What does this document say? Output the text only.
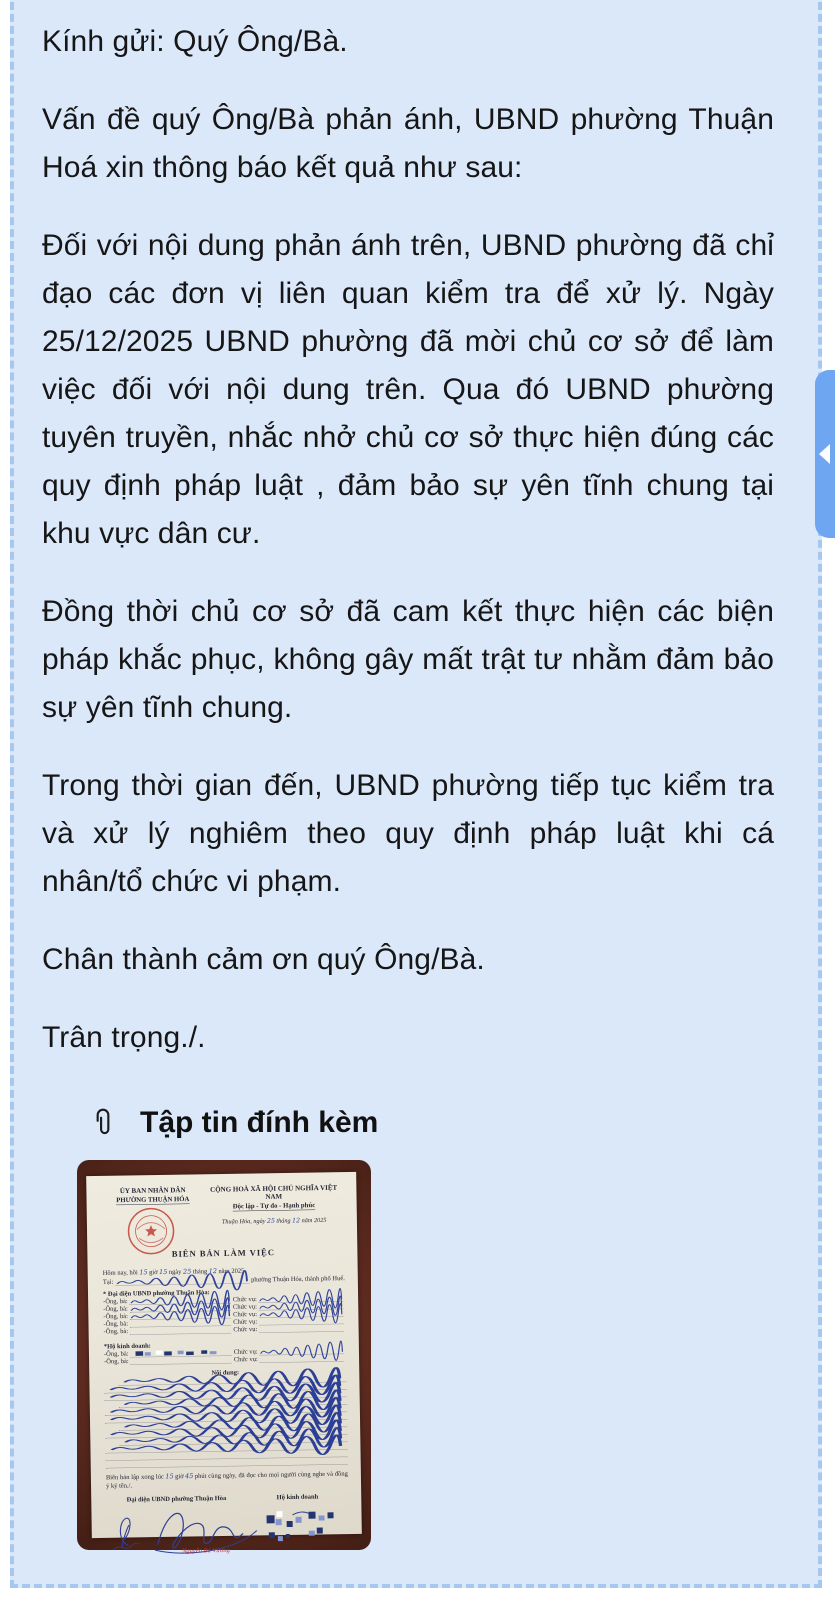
Kính gửi: Quý Ông/Bà.

Vấn đề quý Ông/Bà phản ánh, UBND phường Thuận Hoá xin thông báo kết quả như sau:

Đối với nội dung phản ánh trên, UBND phường đã chỉ đạo các đơn vị liên quan kiểm tra để xử lý. Ngày 25/12/2025 UBND phường đã mời chủ cơ sở để làm việc đối với nội dung trên. Qua đó UBND phường tuyên truyền, nhắc nhở chủ cơ sở thực hiện đúng các quy định pháp luật , đảm bảo sự yên tĩnh chung tại khu vực dân cư.

Đồng thời chủ cơ sở đã cam kết thực hiện các biện pháp khắc phục, không gây mất trật tư nhằm đảm bảo sự yên tĩnh chung.

Trong thời gian đến, UBND phường tiếp tục kiểm tra và xử lý nghiêm theo quy định pháp luật khi cá nhân/tổ chức vi phạm.

Chân thành cảm ơn quý Ông/Bà.

Trân trọng./.

Tập tin đính kèm
ỦY BAN NHÂN DÂN
PHƯỜNG THUẬN HÓA
CỘNG HOÀ XÃ HỘI CHỦ NGHĨA VIỆT NAM
Độc lập - Tự do - Hạnh phúc
Thuận Hóa, ngày25tháng12năm 2025
BIÊN BẢN LÀM VIỆC
Hôm nay, hồi15giờ15ngày25tháng12năm 2025
Tại:	phường Thuận Hóa, thành phố Huế.
* Đại diện UBND phường Thuận Hòa:
-Ông, bà:	Chức vụ:
-Ông, bà:	Chức vụ:
-Ông, bà:	Chức vụ:
-Ông, bà:	Chức vụ:
-Ông, bà:	Chức vụ:
*Hộ kinh doanh:
-Ông, bà:	Chức vụ:
-Ông, bà:	Chức vụ:
Nội dung:
Biên bản lập xong lúc15giờ45phút cùng ngày, đã đọc cho mọi người cùng nghe và đồng ý ký tên./.
Đại diện UBND phường Thuận Hòa	Hộ kinh doanh
Nguyễn Bá Vương
